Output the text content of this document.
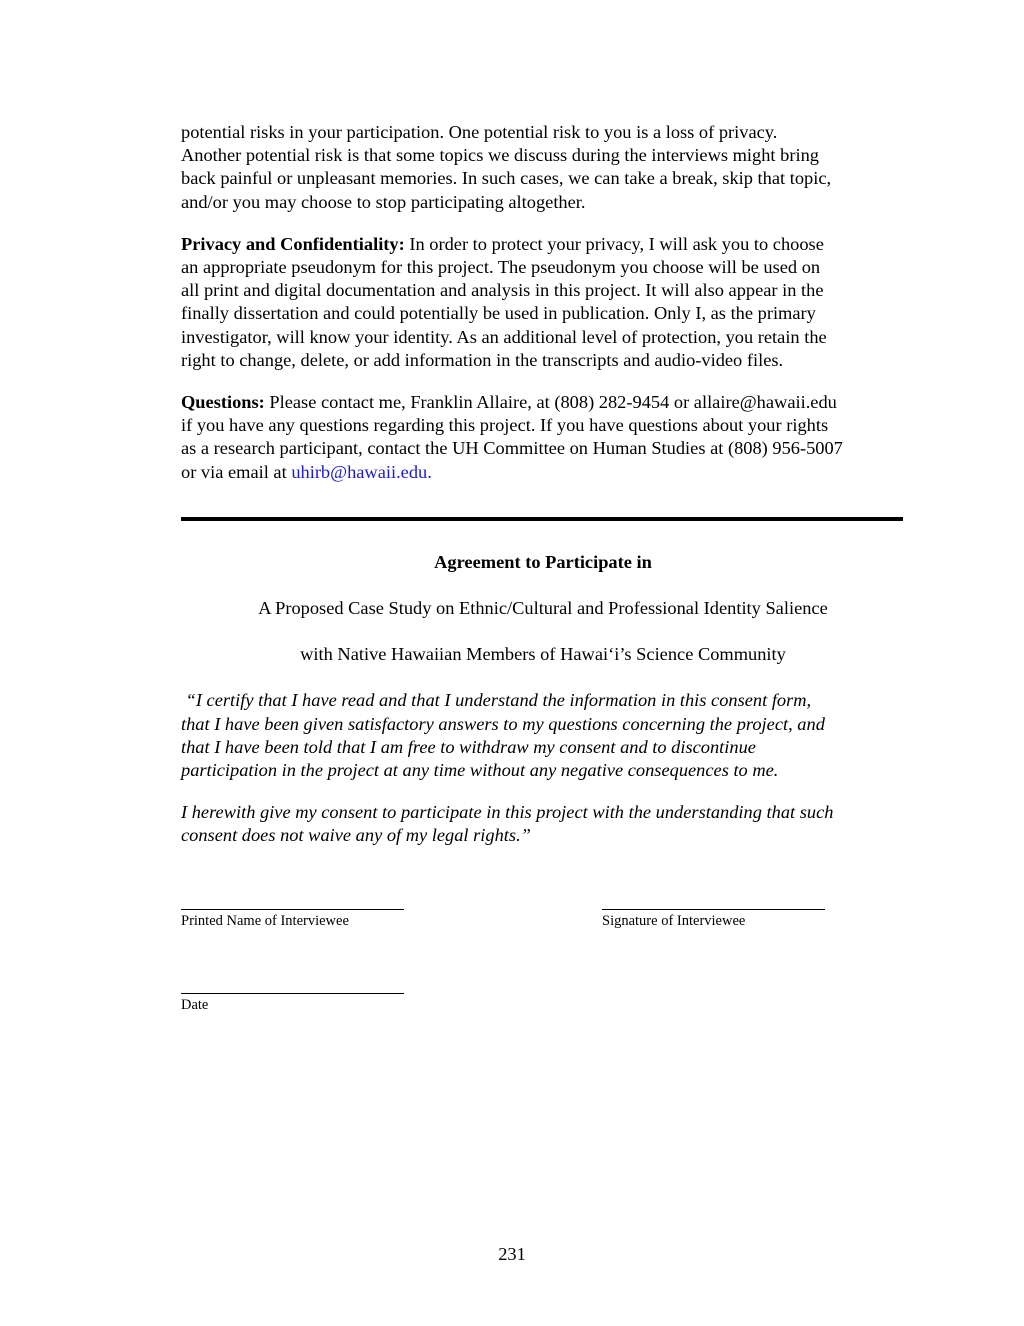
potential risks in your participation. One potential risk to you is a loss of privacy.
Another potential risk is that some topics we discuss during the interviews might bring
back painful or unpleasant memories. In such cases, we can take a break, skip that topic,
and/or you may choose to stop participating altogether.

Privacy and Confidentiality: In order to protect your privacy, I will ask you to choose
an appropriate pseudonym for this project. The pseudonym you choose will be used on
all print and digital documentation and analysis in this project. It will also appear in the
finally dissertation and could potentially be used in publication. Only I, as the primary
investigator, will know your identity. As an additional level of protection, you retain the
right to change, delete, or add information in the transcripts and audio-video files.

Questions: Please contact me, Franklin Allaire, at (808) 282-9454 or allaire@hawaii.edu
if you have any questions regarding this project. If you have questions about your rights
as a research participant, contact the UH Committee on Human Studies at (808) 956-5007
or via email at uhirb@hawaii.edu.

Agreement to Participate in

A Proposed Case Study on Ethnic/Cultural and Professional Identity Salience

with Native Hawaiian Members of Hawai‘i’s Science Community

“I certify that I have read and that I understand the information in this consent form,
that I have been given satisfactory answers to my questions concerning the project, and
that I have been told that I am free to withdraw my consent and to discontinue
participation in the project at any time without any negative consequences to me.

I herewith give my consent to participate in this project with the understanding that such
consent does not waive any of my legal rights.”

Printed Name of Interviewee	Signature of Interviewee
Date
231
